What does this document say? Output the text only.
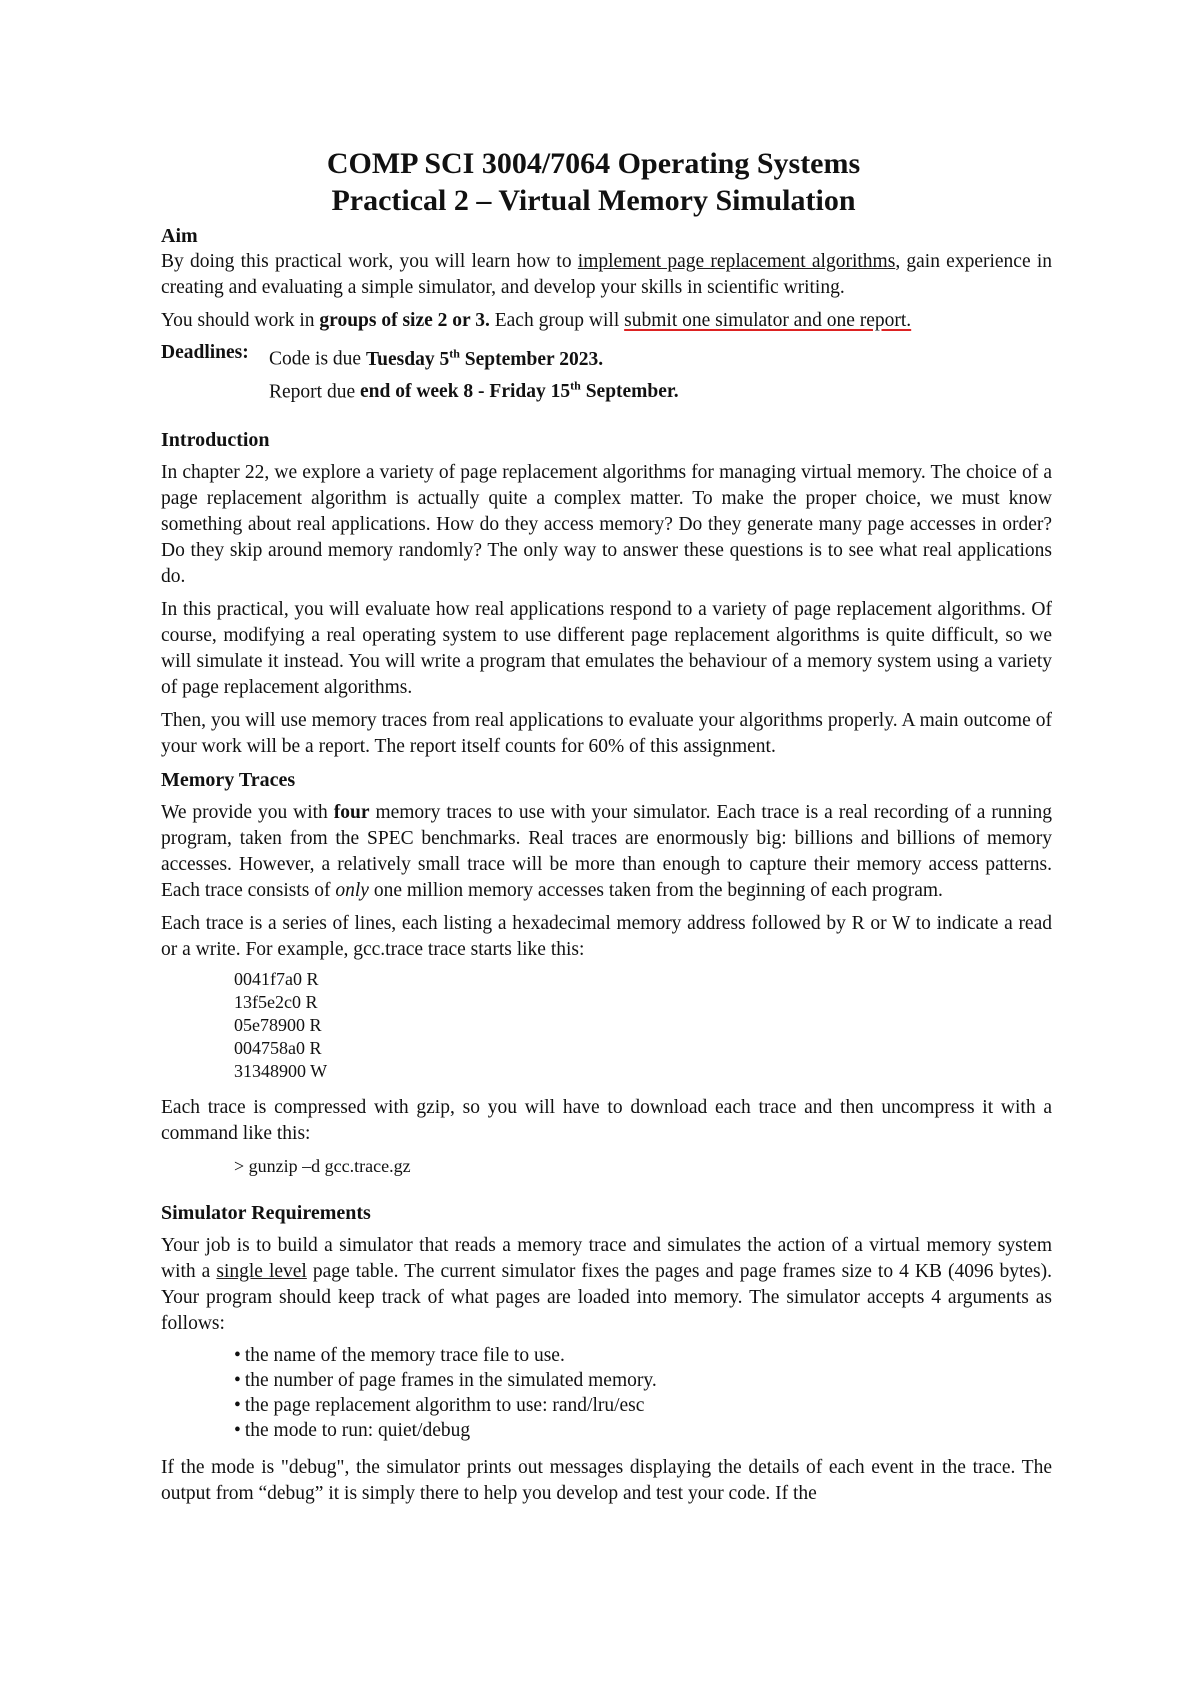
COMP SCI 3004/7064 Operating Systems
Practical 2 – Virtual Memory Simulation
Aim

By doing this practical work, you will learn how to implement page replacement algorithms, gain experience in creating and evaluating a simple simulator, and develop your skills in scientific writing.

You should work in groups of size 2 or 3. Each group will submit one simulator and one report.

Deadlines:	Code is due Tuesday 5th September 2023.
Report due end of week 8 - Friday 15th September.
Introduction

In chapter 22, we explore a variety of page replacement algorithms for managing virtual memory. The choice of a page replacement algorithm is actually quite a complex matter. To make the proper choice, we must know something about real applications. How do they access memory? Do they generate many page accesses in order? Do they skip around memory randomly? The only way to answer these questions is to see what real applications do.

In this practical, you will evaluate how real applications respond to a variety of page replacement algorithms. Of course, modifying a real operating system to use different page replacement algorithms is quite difficult, so we will simulate it instead. You will write a program that emulates the behaviour of a memory system using a variety of page replacement algorithms.

Then, you will use memory traces from real applications to evaluate your algorithms properly. A main outcome of your work will be a report. The report itself counts for 60% of this assignment.

Memory Traces

We provide you with four memory traces to use with your simulator. Each trace is a real recording of a running program, taken from the SPEC benchmarks. Real traces are enormously big: billions and billions of memory accesses. However, a relatively small trace will be more than enough to capture their memory access patterns. Each trace consists of only one million memory accesses taken from the beginning of each program.

Each trace is a series of lines, each listing a hexadecimal memory address followed by R or W to indicate a read or a write. For example, gcc.trace trace starts like this:

0041f7a0 R
13f5e2c0 R
05e78900 R
004758a0 R
31348900 W

Each trace is compressed with gzip, so you will have to download each trace and then uncompress it with a command like this:

> gunzip –d gcc.trace.gz
Simulator Requirements

Your job is to build a simulator that reads a memory trace and simulates the action of a virtual memory system with a single level page table. The current simulator fixes the pages and page frames size to 4 KB (4096 bytes). Your program should keep track of what pages are loaded into memory. The simulator accepts 4 arguments as follows:

• the name of the memory trace file to use.
• the number of page frames in the simulated memory.
• the page replacement algorithm to use: rand/lru/esc
• the mode to run: quiet/debug

If the mode is "debug", the simulator prints out messages displaying the details of each event in the trace. The output from “debug” it is simply there to help you develop and test your code. If the
